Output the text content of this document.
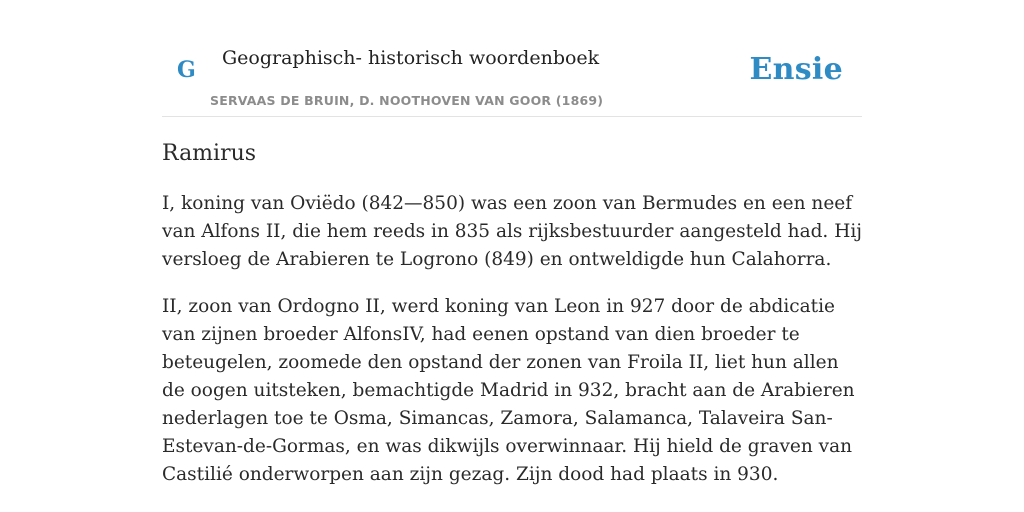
G Geographisch- historisch woordenboek
SERVAAS DE BRUIN, D. NOOTHOVEN VAN GOOR (1869)
Ensie
Ramirus

I, koning van Oviëdo (842—850) was een zoon van Bermudes en een neef van Alfons II, die hem reeds in 835 als rijksbestuurder aangesteld had. Hij versloeg de Arabieren te Logrono (849) en ontweldigde hun Calahorra.

II, zoon van Ordogno II, werd koning van Leon in 927 door de abdicatie van zijnen broeder AlfonsIV, had eenen opstand van dien broeder te beteugelen, zoomede den opstand der zonen van Froila II, liet hun allen de oogen uitsteken, bemachtigde Madrid in 932, bracht aan de Arabieren nederlagen toe te Osma, Simancas, Zamora, Salamanca, Talaveira San-Estevan-de-Gormas, en was dikwijls overwinnaar. Hij hield de graven van Castilié onderworpen aan zijn gezag. Zijn dood had plaats in 930.
